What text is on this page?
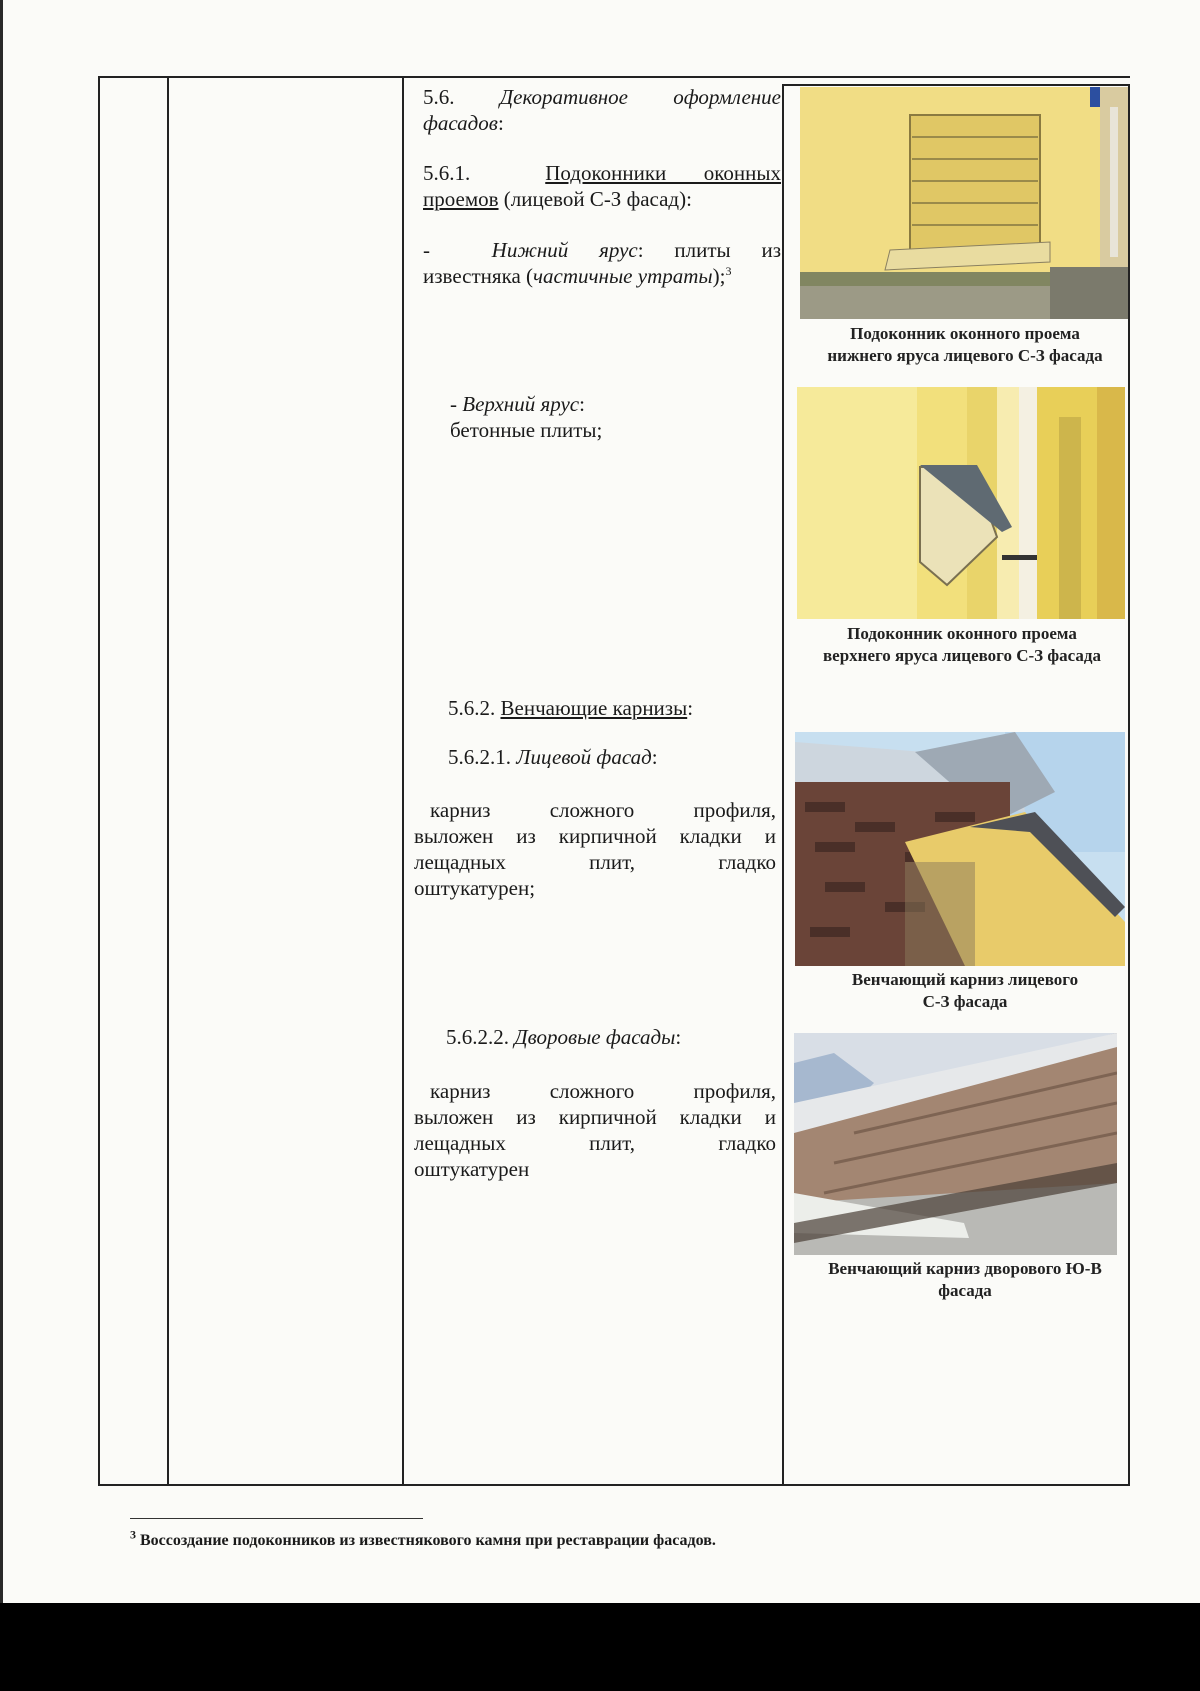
5.6. Декоративное оформление
фасадов:
5.6.1.	Подоконники оконных
проемов (лицевой С-З фасад):
-  Нижний ярус: плиты из
известняка (частичные утраты);$^3$
- Верхний ярус:
бетонные плиты;
5.6.2. Венчающие карнизы:
5.6.2.1. Лицевой фасад:
карниз сложного профиля,
выложен из кирпичной кладки и
лещадных плит, гладко
оштукатурен;
5.6.2.2. Дворовые фасады:
карниз сложного профиля,
выложен из кирпичной кладки и
лещадных плит, гладко
оштукатурен
Подоконник оконного проема
нижнего яруса лицевого С-З фасада
Подоконник оконного проема
верхнего яруса лицевого С-З фасада
Венчающий карниз лицевого
С-З фасада
Венчающий карниз дворового Ю-В
фасада
$^3$ Воссоздание подоконников из известнякового камня при реставрации фасадов.
